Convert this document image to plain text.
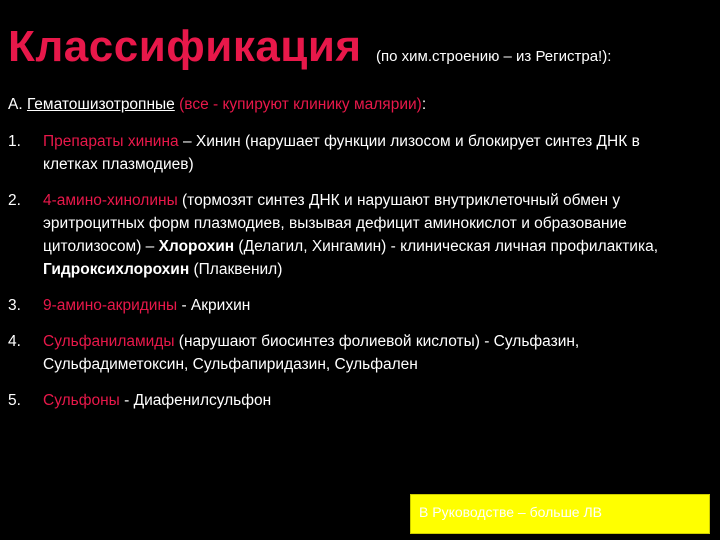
Классификация (по хим.строению – из Регистра!):
А. Гематошизотропные (все - купируют клинику малярии):
1.	Препараты хинина – Хинин (нарушает функции лизосом и блокирует синтез ДНК в клетках плазмодиев)
2.	4-амино-хинолины (тормозят синтез ДНК и нарушают внутриклеточный обмен у эритроцитных форм плазмодиев, вызывая дефицит аминокислот и образование цитолизосом) – Хлорохин (Делагил, Хингамин) - клиническая личная профилактика, Гидроксихлорохин (Плаквенил)
3.	9-амино-акридины - Акрихин
4.	Сульфаниламиды (нарушают биосинтез фолиевой кислоты) - Сульфазин, Сульфадиметоксин, Сульфапиридазин, Сульфален
5.	Сульфоны - Диафенилсульфон
В Руководстве – больше ЛВ
